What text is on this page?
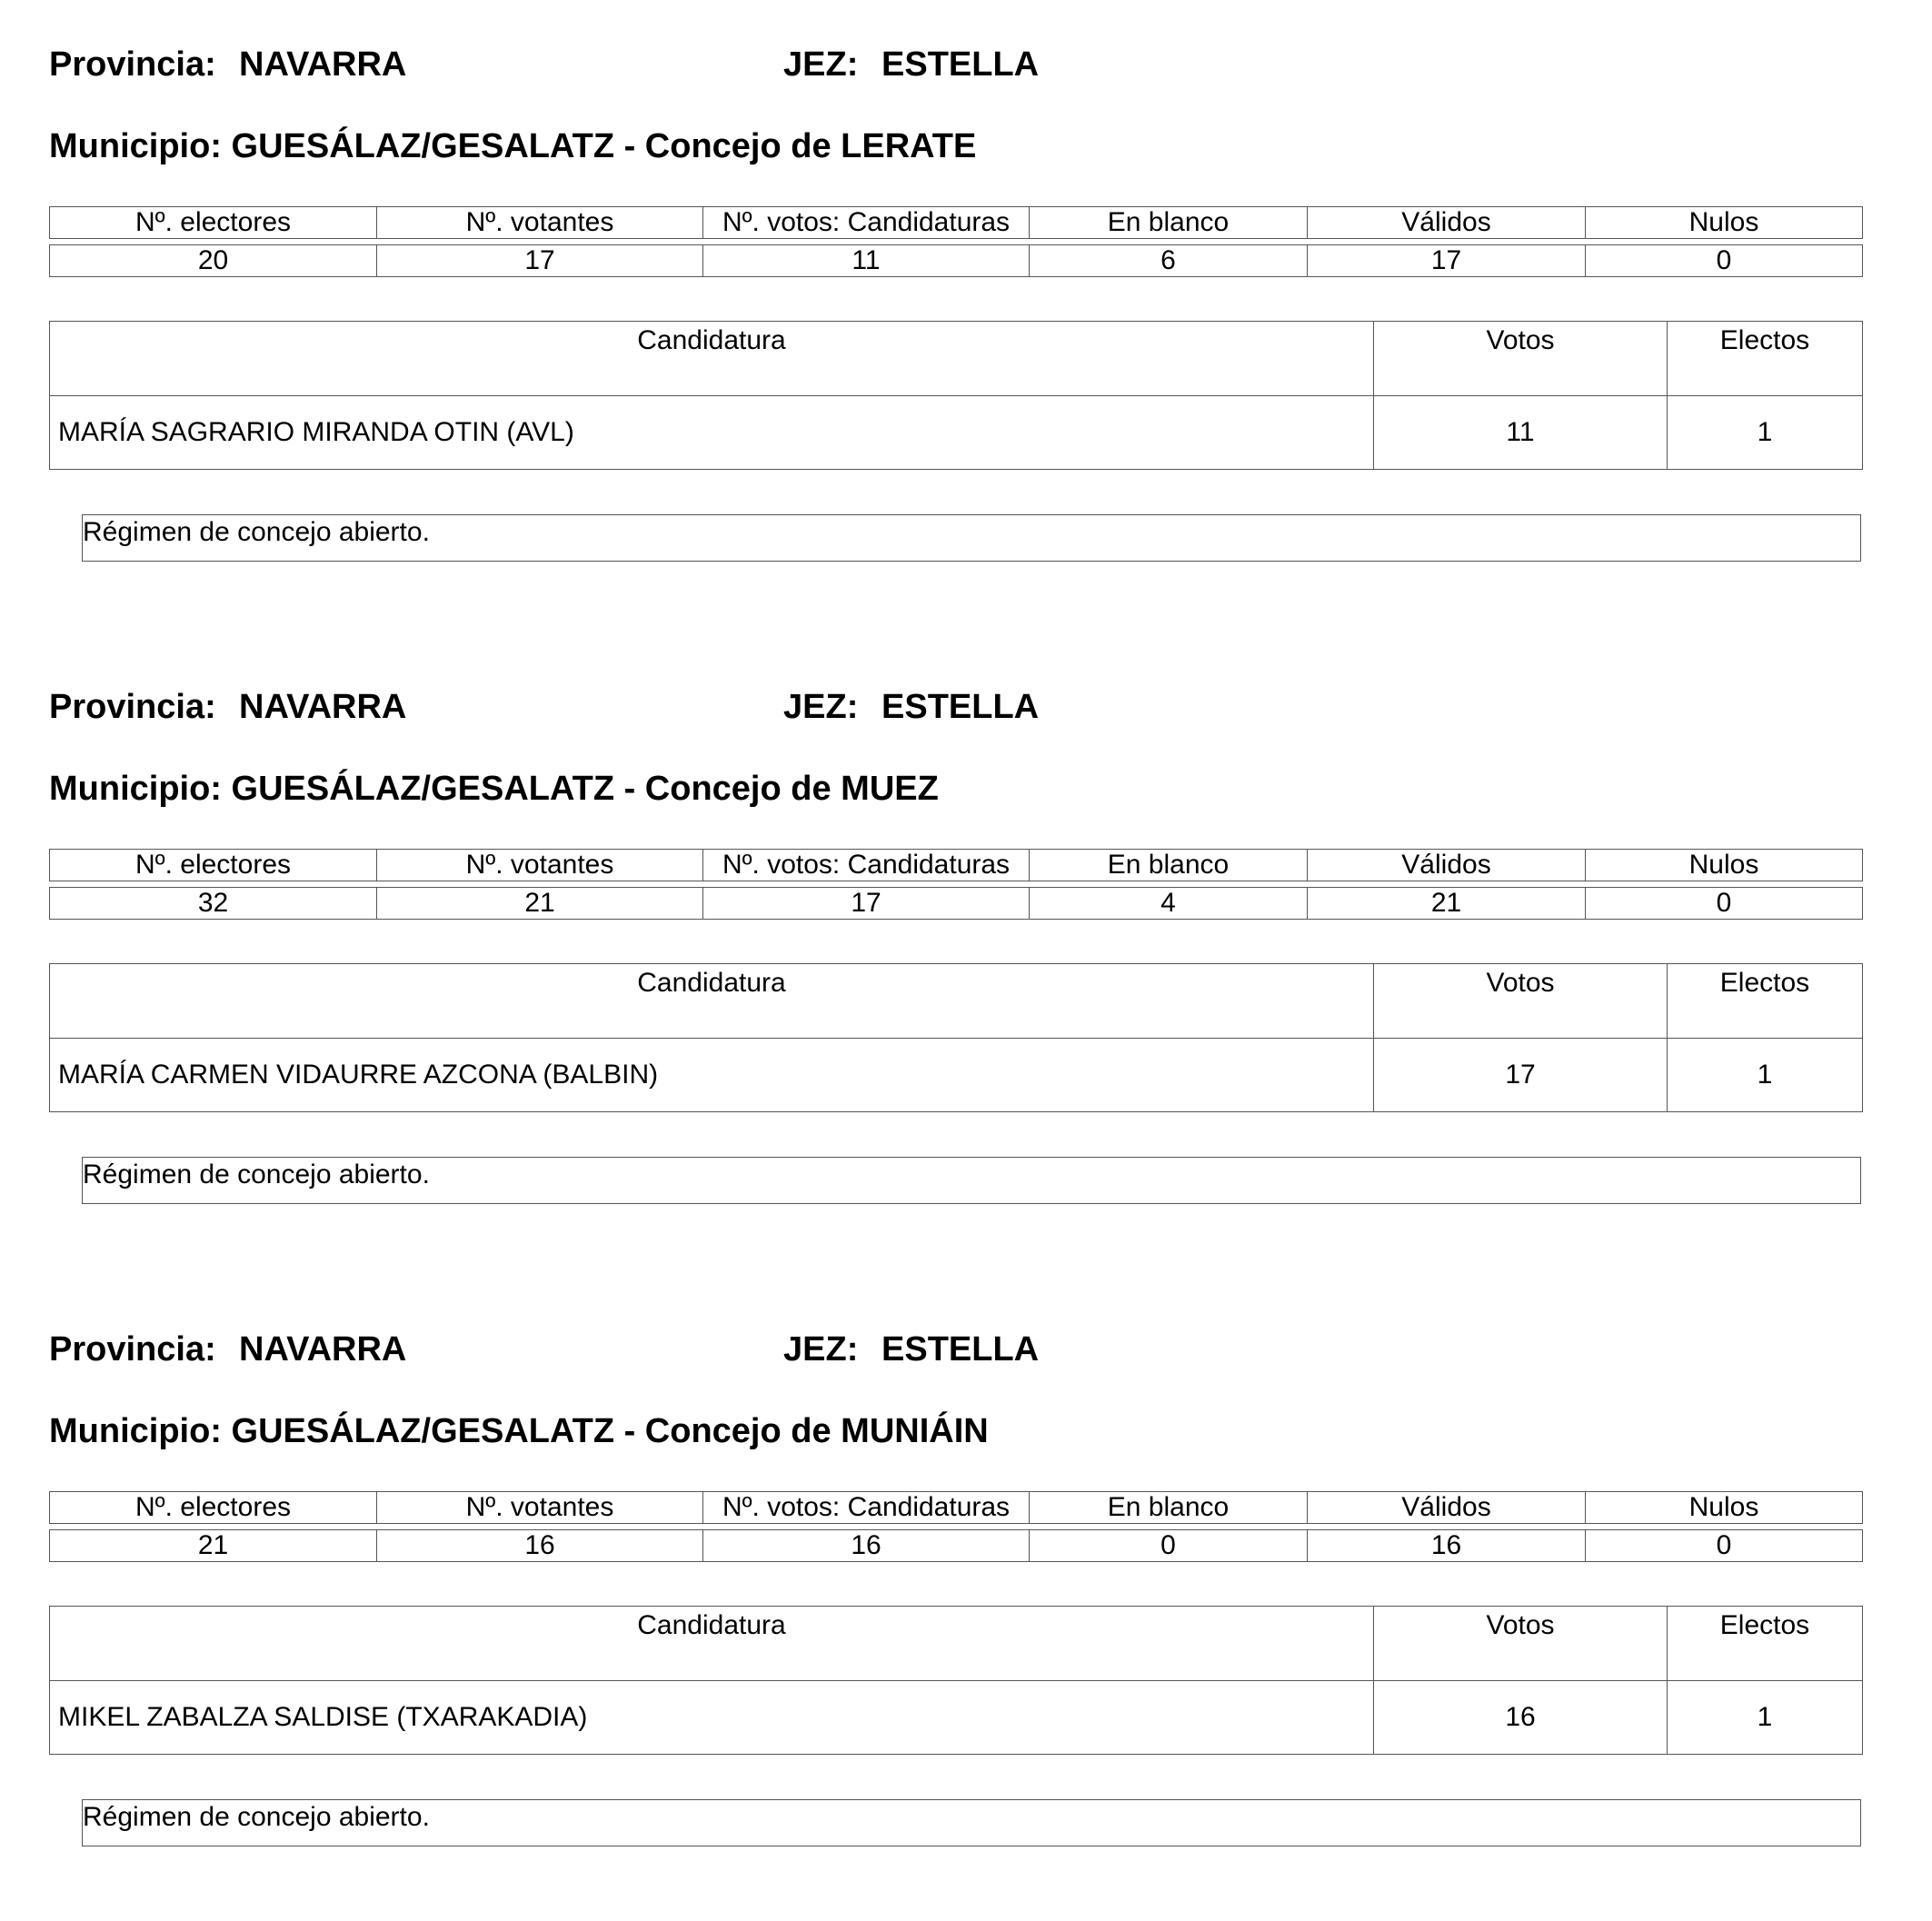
Provincia: NAVARRA	JEZ: ESTELLA
Municipio: GUESÁLAZ/GESALATZ - Concejo de LERATE
Nº. electores	Nº. votantes	Nº. votos: Candidaturas	En blanco	Válidos	Nulos
20	17	11	6	17	0
Candidatura	Votos	Electos
MARÍA SAGRARIO MIRANDA OTIN (AVL)	11	1
Régimen de concejo abierto.
Provincia: NAVARRA	JEZ: ESTELLA
Municipio: GUESÁLAZ/GESALATZ - Concejo de MUEZ
Nº. electores	Nº. votantes	Nº. votos: Candidaturas	En blanco	Válidos	Nulos
32	21	17	4	21	0
Candidatura	Votos	Electos
MARÍA CARMEN VIDAURRE AZCONA (BALBIN)	17	1
Régimen de concejo abierto.
Provincia: NAVARRA	JEZ: ESTELLA
Municipio: GUESÁLAZ/GESALATZ - Concejo de MUNIÁIN
Nº. electores	Nº. votantes	Nº. votos: Candidaturas	En blanco	Válidos	Nulos
21	16	16	0	16	0
Candidatura	Votos	Electos
MIKEL ZABALZA SALDISE (TXARAKADIA)	16	1
Régimen de concejo abierto.
